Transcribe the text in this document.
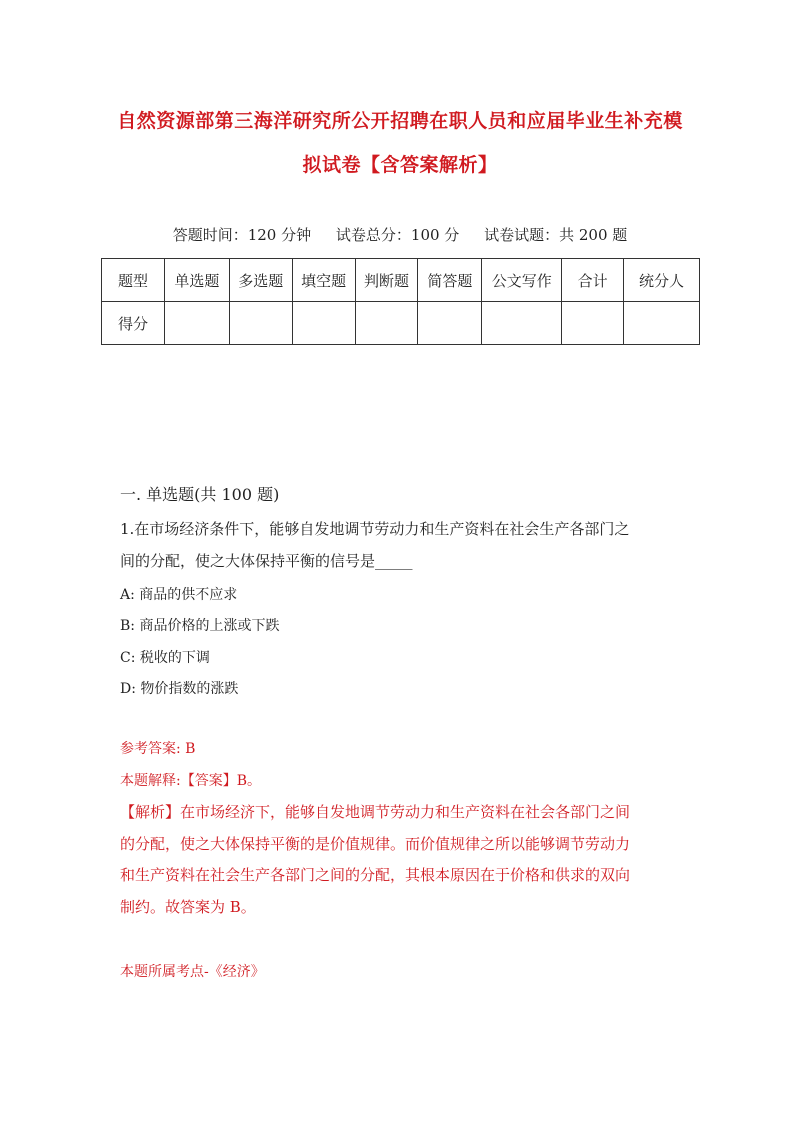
自然资源部第三海洋研究所公开招聘在职人员和应届毕业生补充模
拟试卷【含答案解析】
答题时间：120 分钟 试卷总分：100 分 试卷试题：共 200 题
题型	单选题	多选题	填空题	判断题	简答题	公文写作	合计	统分人
得分								
一. 单选题(共 100 题)
1.在市场经济条件下，能够自发地调节劳动力和生产资料在社会生产各部门之
间的分配，使之大体保持平衡的信号是_____
A: 商品的供不应求
B: 商品价格的上涨或下跌
C: 税收的下调
D: 物价指数的涨跌
参考答案: B
本题解释:【答案】B。
【解析】在市场经济下，能够自发地调节劳动力和生产资料在社会各部门之间
的分配，使之大体保持平衡的是价值规律。而价值规律之所以能够调节劳动力
和生产资料在社会生产各部门之间的分配，其根本原因在于价格和供求的双向
制约。故答案为 B。
本题所属考点-《经济》
